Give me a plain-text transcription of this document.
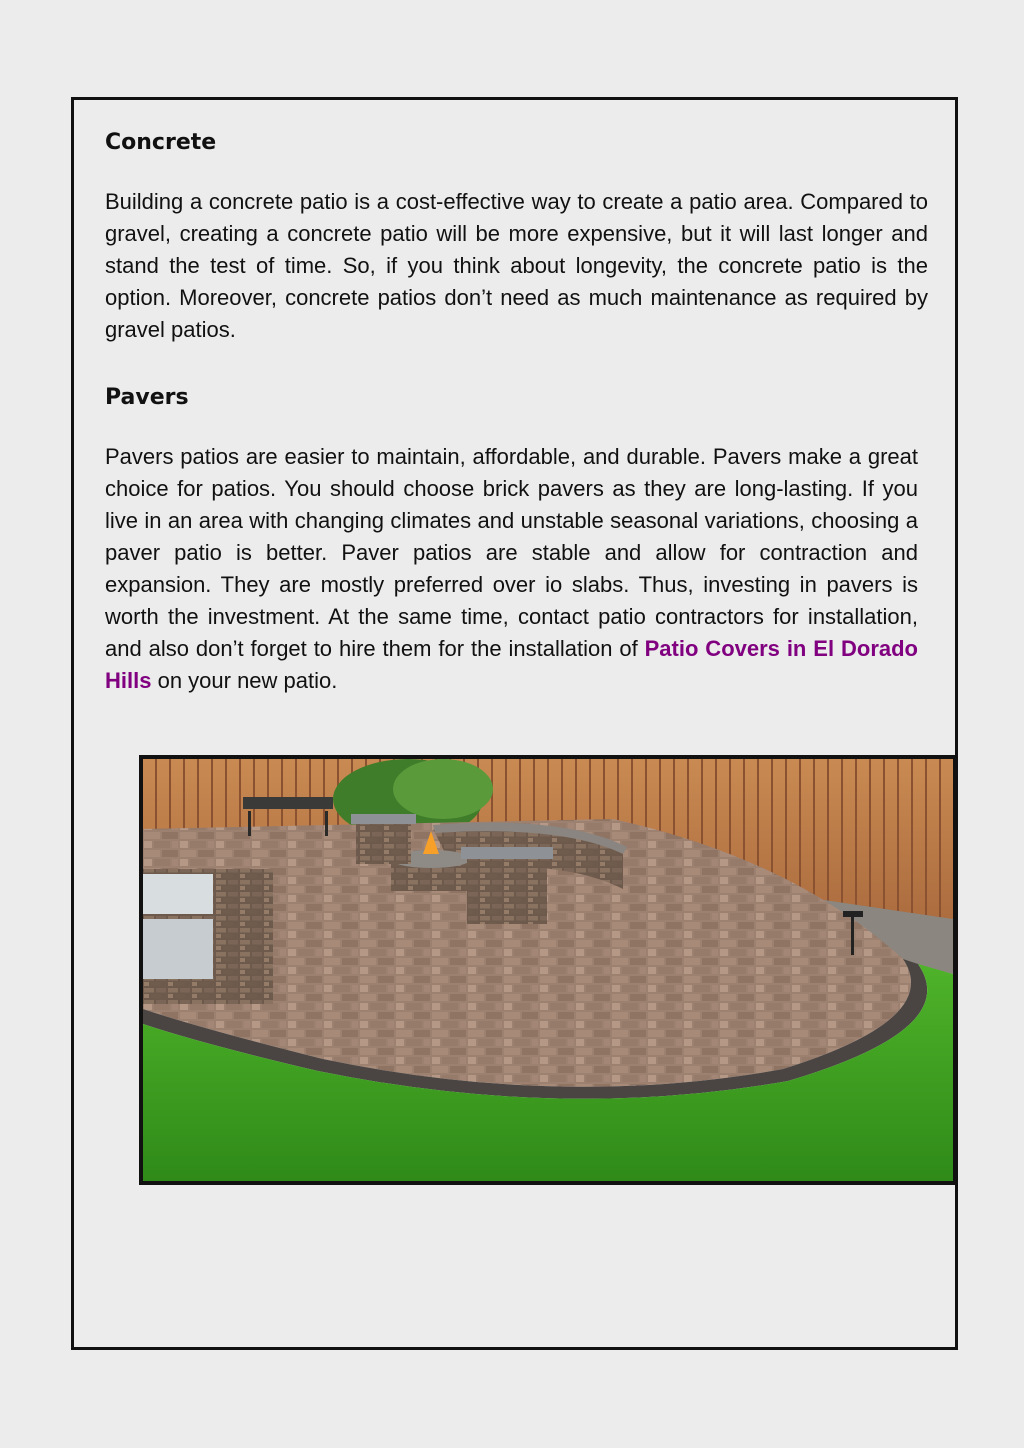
Concrete

Building a concrete patio is a cost-effective way to create a patio area. Compared to gravel, creating a concrete patio will be more expensive, but it will last longer and stand the test of time. So, if you think about longevity, the concrete patio is the option. Moreover, concrete patios don’t need as much maintenance as required by gravel patios.

Pavers

Pavers patios are easier to maintain, affordable, and durable. Pavers make a great choice for patios. You should choose brick pavers as they are long-lasting. If you live in an area with changing climates and unstable seasonal variations, choosing a paver patio is better. Paver patios are stable and allow for contraction and expansion. They are mostly preferred over io slabs. Thus, investing in pavers is worth the investment. At the same time, contact patio contractors for installation, and also don’t forget to hire them for the installation of Patio Covers in El Dorado Hills on your new patio.
